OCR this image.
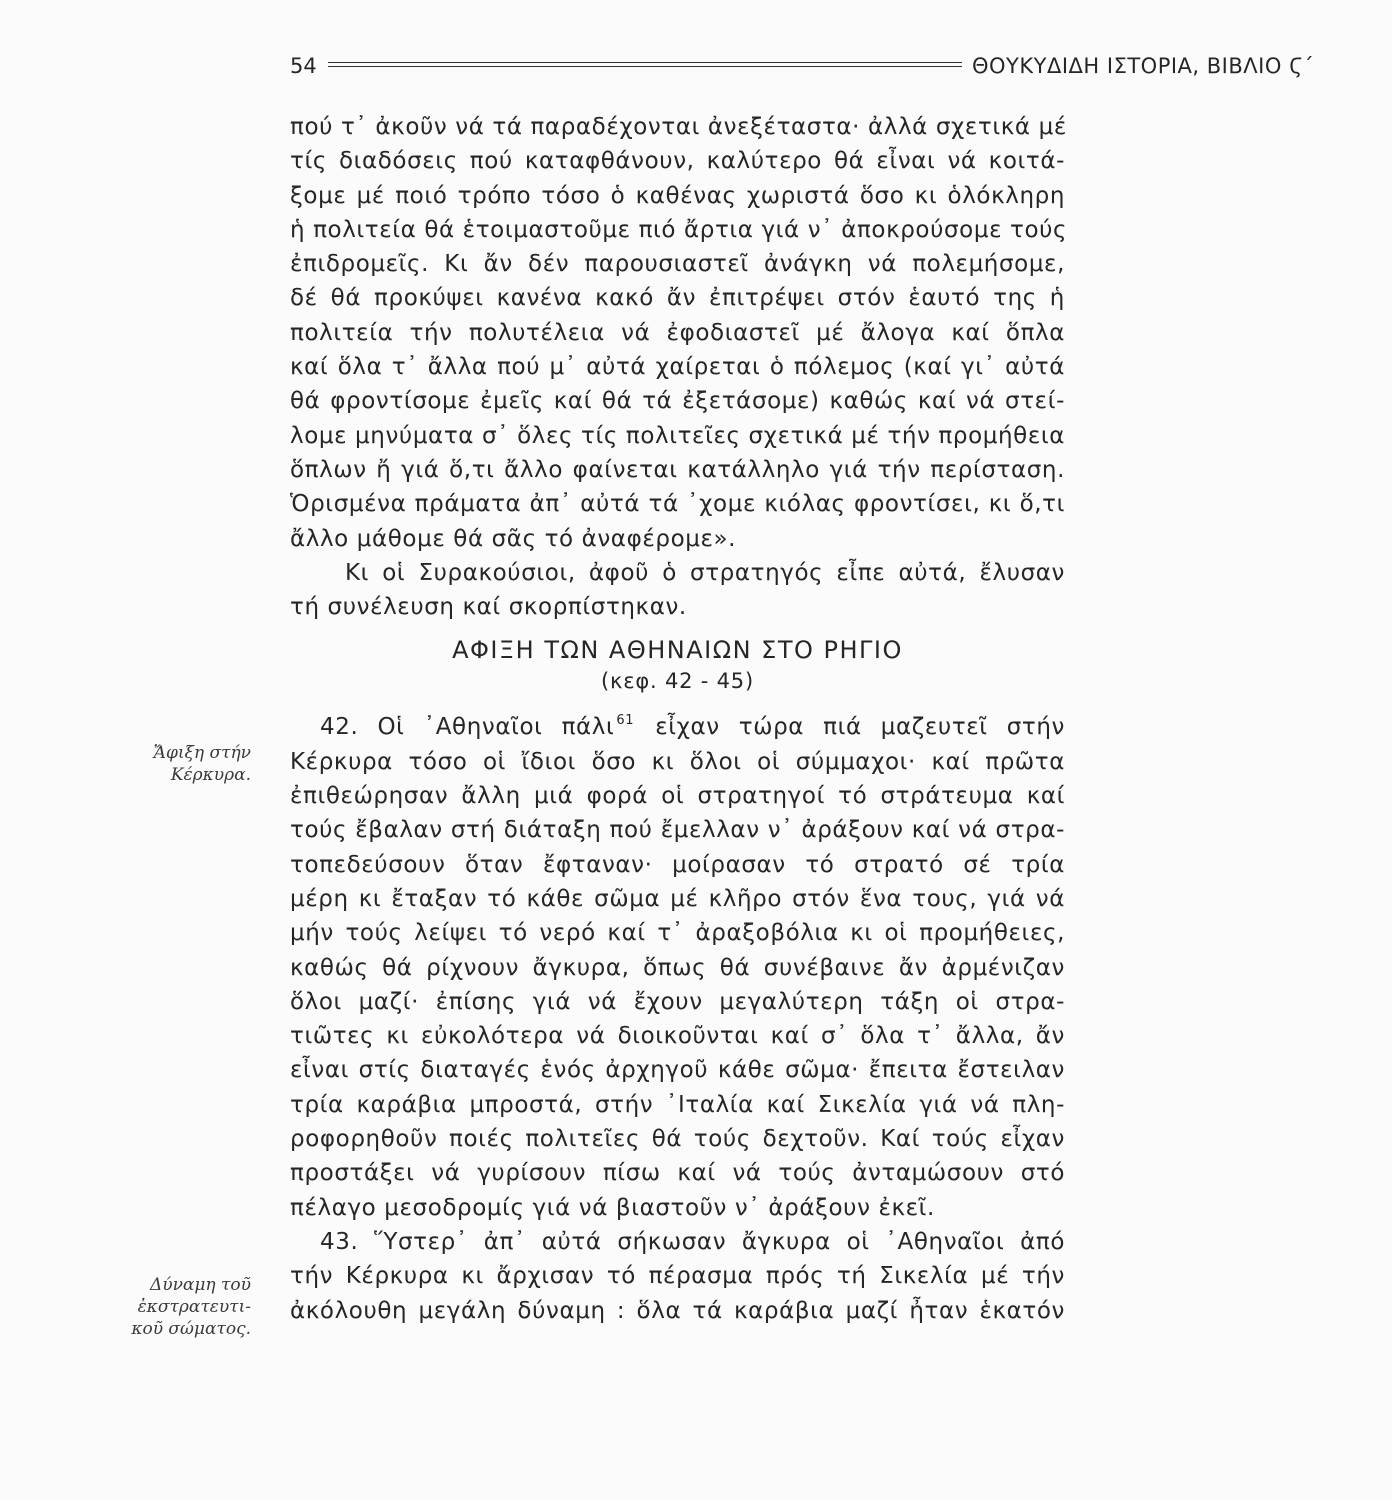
54	ΘΟΥΚΥΔΙΔΗ ΙΣΤΟΡΙΑ, ΒΙΒΛΙΟ Ϛ΄
Ἄφιξη στήν
Κέρκυρα.
Δύναμη τοῦ
ἐκστρατευτι-
κοῦ σώματος.
πού τ᾽ ἀκοῦν νά τά παραδέχονται ἀνεξέταστα· ἀλλά σχετικά μέ
τίς διαδόσεις πού καταφθάνουν, καλύτερο θά εἶναι νά κοιτά-
ξομε μέ ποιό τρόπο τόσο ὁ καθένας χωριστά ὅσο κι ὁλόκληρη
ἡ πολιτεία θά ἑτοιμαστοῦμε πιό ἄρτια γιά ν᾽ ἀποκρούσομε τούς
ἐπιδρομεῖς. Κι ἄν δέν παρουσιαστεῖ ἀνάγκη νά πολεμήσομε,
δέ θά προκύψει κανένα κακό ἄν ἐπιτρέψει στόν ἑαυτό της ἡ
πολιτεία τήν πολυτέλεια νά ἐφοδιαστεῖ μέ ἄλογα καί ὅπλα
καί ὅλα τ᾽ ἄλλα πού μ᾽ αὐτά χαίρεται ὁ πόλεμος (καί γι᾽ αὐτά
θά φροντίσομε ἐμεῖς καί θά τά ἐξετάσομε) καθώς καί νά στεί-
λομε μηνύματα σ᾽ ὅλες τίς πολιτεῖες σχετικά μέ τήν προμήθεια
ὅπλων ἤ γιά ὅ,τι ἄλλο φαίνεται κατάλληλο γιά τήν περίσταση.
Ὁρισμένα πράματα ἀπ᾽ αὐτά τά ᾽χομε κιόλας φροντίσει, κι ὅ,τι
ἄλλο μάθομε θά σᾶς τό ἀναφέρομε».
Κι οἱ Συρακούσιοι, ἀφοῦ ὁ στρατηγός εἶπε αὐτά, ἔλυσαν
τή συνέλευση καί σκορπίστηκαν.
ΑΦΙΞΗ ΤΩΝ ΑΘΗΝΑΙΩΝ ΣΤΟ ΡΗΓΙΟ
(κεφ. 42 - 45)
42. Οἱ ᾽Αθηναῖοι πάλι $^{61}$ εἶχαν τώρα πιά μαζευτεῖ στήν
Κέρκυρα τόσο οἱ ἴδιοι ὅσο κι ὅλοι οἱ σύμμαχοι· καί πρῶτα
ἐπιθεώρησαν ἄλλη μιά φορά οἱ στρατηγοί τό στράτευμα καί
τούς ἔβαλαν στή διάταξη πού ἔμελλαν ν᾽ ἀράξουν καί νά στρα-
τοπεδεύσουν ὅταν ἔφταναν· μοίρασαν τό στρατό σέ τρία
μέρη κι ἔταξαν τό κάθε σῶμα μέ κλῆρο στόν ἕνα τους, γιά νά
μήν τούς λείψει τό νερό καί τ᾽ ἀραξοβόλια κι οἱ προμήθειες,
καθώς θά ρίχνουν ἄγκυρα, ὅπως θά συνέβαινε ἄν ἀρμένιζαν
ὅλοι μαζί· ἐπίσης γιά νά ἔχουν μεγαλύτερη τάξη οἱ στρα-
τιῶτες κι εὐκολότερα νά διοικοῦνται καί σ᾽ ὅλα τ᾽ ἄλλα, ἄν
εἶναι στίς διαταγές ἑνός ἀρχηγοῦ κάθε σῶμα· ἔπειτα ἔστειλαν
τρία καράβια μπροστά, στήν ᾽Ιταλία καί Σικελία γιά νά πλη-
ροφορηθοῦν ποιές πολιτεῖες θά τούς δεχτοῦν. Καί τούς εἶχαν
προστάξει νά γυρίσουν πίσω καί νά τούς ἀνταμώσουν στό
πέλαγο μεσοδρομίς γιά νά βιαστοῦν ν᾽ ἀράξουν ἐκεῖ.
43. Ὕστερ᾽ ἀπ᾽ αὐτά σήκωσαν ἄγκυρα οἱ ᾽Αθηναῖοι ἀπό
τήν Κέρκυρα κι ἄρχισαν τό πέρασμα πρός τή Σικελία μέ τήν
ἀκόλουθη μεγάλη δύναμη : ὅλα τά καράβια μαζί ἦταν ἑκατόν
